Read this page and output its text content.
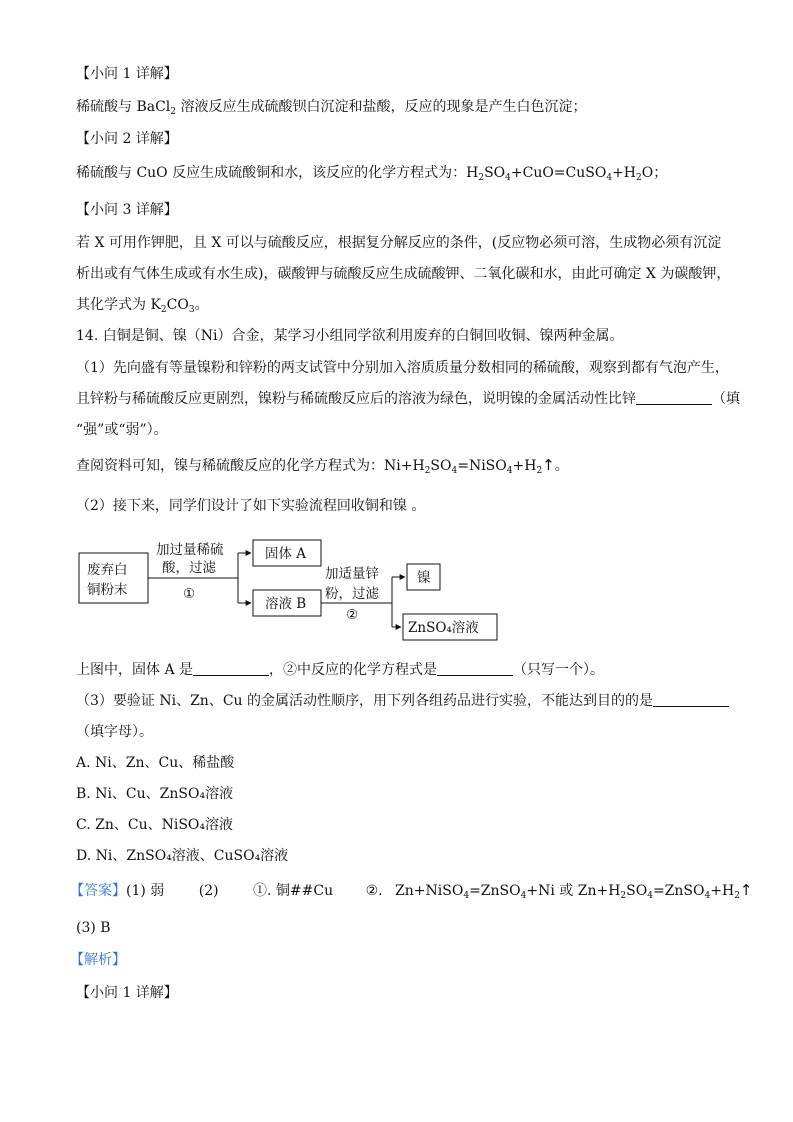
【小问 1 详解】
稀硫酸与 BaCl$_2$ 溶液反应生成硫酸钡白沉淀和盐酸，反应的现象是产生白色沉淀；
【小问 2 详解】
稀硫酸与 CuO 反应生成硫酸铜和水，该反应的化学方程式为：$H_2SO_4+CuO=CuSO_4+H_2O$；
【小问 3 详解】
若 X 可用作钾肥，且 X 可以与硫酸反应，根据复分解反应的条件，(反应物必须可溶，生成物必须有沉淀
析出或有气体生成或有水生成)，碳酸钾与硫酸反应生成硫酸钾、二氧化碳和水，由此可确定 X 为碳酸钾，
其化学式为 $K_2CO_3$。
14. 白铜是铜、镍（Ni）合金，某学习小组同学欲利用废弃的白铜回收铜、镍两种金属。
（1）先向盛有等量镍粉和锌粉的两支试管中分别加入溶质质量分数相同的稀硫酸，观察到都有气泡产生，
且锌粉与稀硫酸反应更剧烈，镍粉与稀硫酸反应后的溶液为绿色，说明镍的金属活动性比锌	（填
“强”或“弱”）。
查阅资料可知，镍与稀硫酸反应的化学方程式为：$Ni+H_2SO_4=NiSO_4+H_2↑$。
（2）接下来，同学们设计了如下实验流程回收铜和镍 。
废弃白
铜粉末
加过量稀硫
酸，过滤
①
固体 A
溶液 B
加适量锌
粉，过滤
②
镍
ZnSO₄溶液
上图中，固体 A 是	，②中反应的化学方程式是	（只写一个）。
（3）要验证 Ni、Zn、Cu 的金属活动性顺序，用下列各组药品进行实验，不能达到目的的是
（填字母）。
A. Ni、Zn、Cu、稀盐酸
B. Ni、Cu、ZnSO₄溶液
C. Zn、Cu、NiSO₄溶液
D. Ni、ZnSO₄溶液、CuSO₄溶液
【答案】(1) 弱 (2) ①. 铜##Cu ②. Zn+NiSO$_4$=ZnSO$_4$+Ni 或 $Zn+H_2SO_4=ZnSO_4+H_2↑$
(3) B
【解析】
【小问 1 详解】
